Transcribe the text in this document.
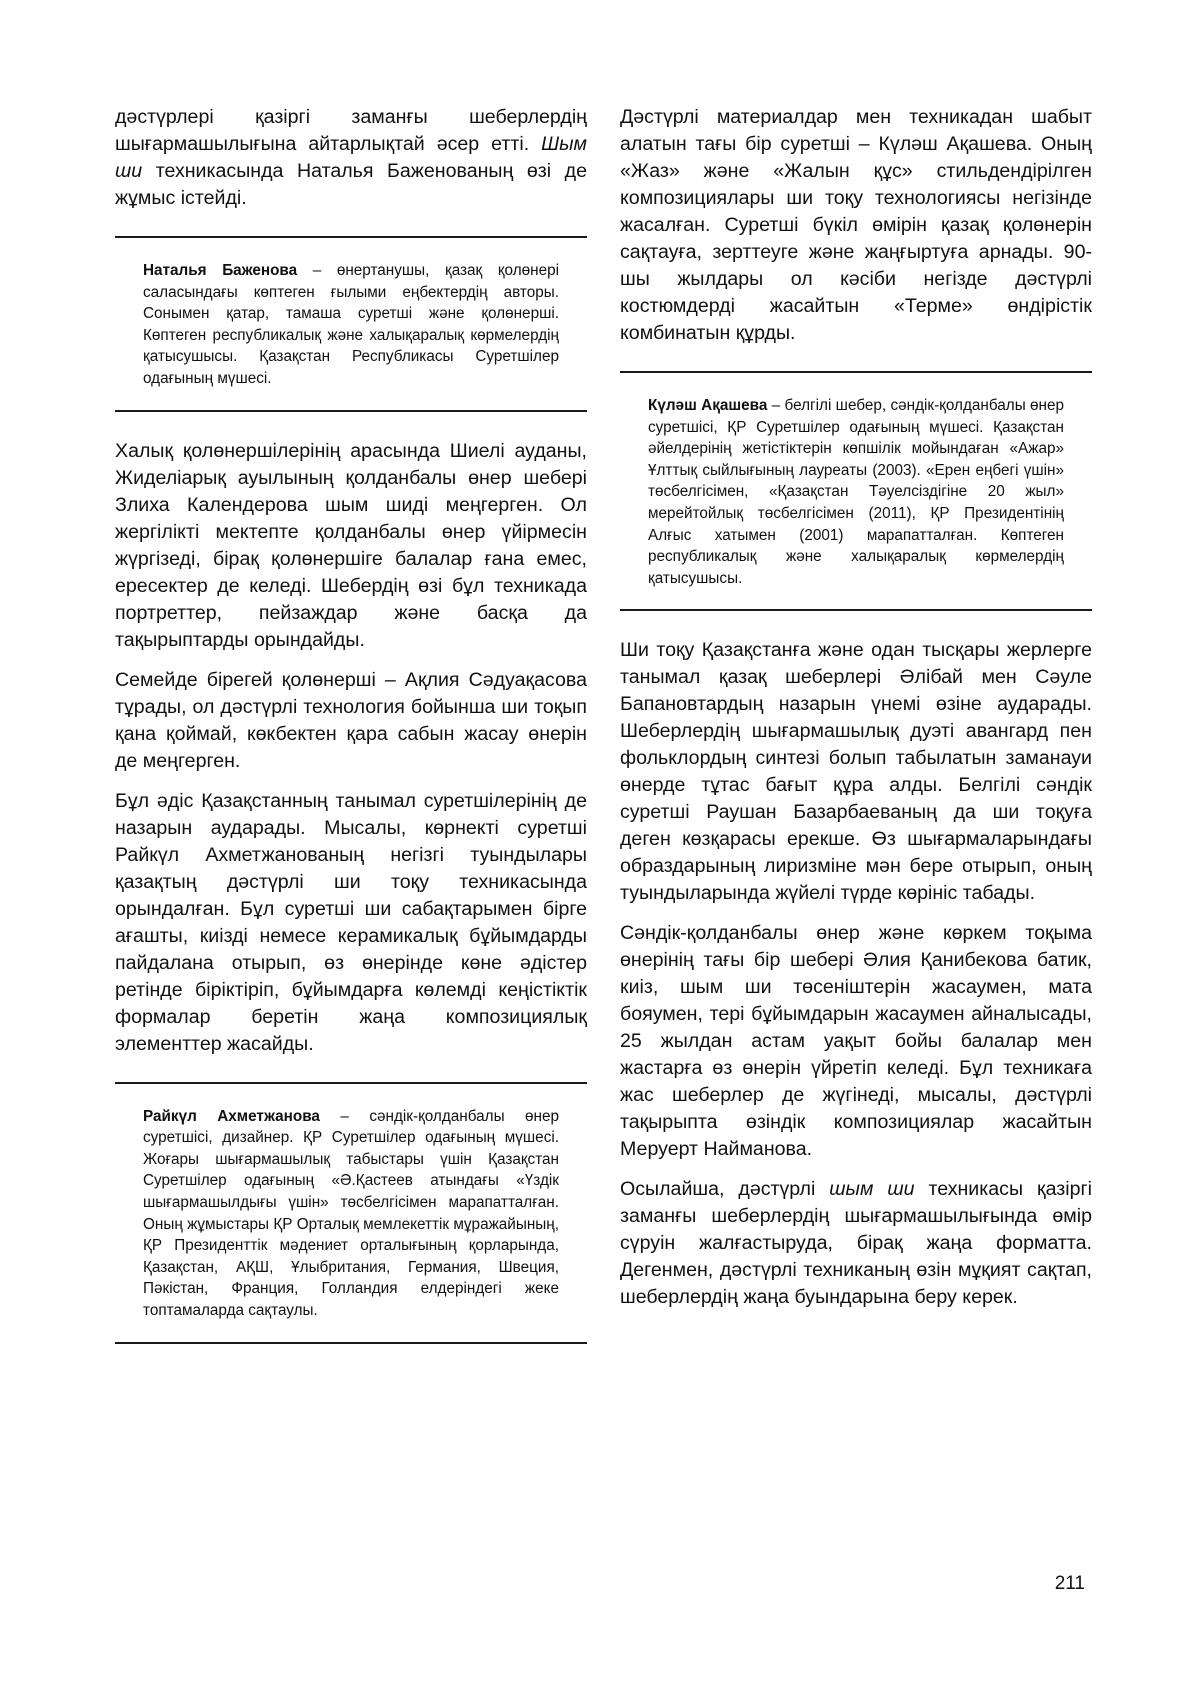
дәстүрлері қазіргі заманғы шеберлердің шығармашылығына айтарлықтай әсер етті. Шым ши техникасында Наталья Баженованың өзі де жұмыс істейді.

Наталья Баженова – өнертанушы, қазақ қолөнері саласындағы көптеген ғылыми еңбектердің авторы. Сонымен қатар, тамаша суретші және қолөнерші. Көптеген республикалық және халықаралық көрмелердің қатысушысы. Қазақстан Республикасы Суретшілер одағының мүшесі.

Халық қолөнершілерінің арасында Шиелі ауданы, Жиделіарық ауылының қолданбалы өнер шебері Злиха Календерова шым шиді меңгерген. Ол жергілікті мектепте қолданбалы өнер үйірмесін жүргізеді, бірақ қолөнершіге балалар ғана емес, ересектер де келеді. Шебердің өзі бұл техникада портреттер, пейзаждар және басқа да тақырыптарды орындайды.

Семейде бірегей қолөнерші – Ақлия Сәдуақасова тұрады, ол дәстүрлі технология бойынша ши тоқып қана қоймай, көкбектен қара сабын жасау өнерін де меңгерген.

Бұл әдіс Қазақстанның танымал суретшілерінің де назарын аударады. Мысалы, көрнекті суретші Райкүл Ахметжанованың негізгі туындылары қазақтың дәстүрлі ши тоқу техникасында орындалған. Бұл суретші ши сабақтарымен бірге ағашты, киізді немесе керамикалық бұйымдарды пайдалана отырып, өз өнерінде көне әдістер ретінде біріктіріп, бұйымдарға көлемді кеңістіктік формалар беретін жаңа композициялық элементтер жасайды.

Райкүл Ахметжанова – сәндік-қолданбалы өнер суретшісі, дизайнер. ҚР Суретшілер одағының мүшесі. Жоғары шығармашылық табыстары үшін Қазақстан Суретшілер одағының «Ә.Қастеев атындағы «Үздік шығармашылдығы үшін» төсбелгісімен марапатталған. Оның жұмыстары ҚР Орталық мемлекеттік мұражайының, ҚР Президенттік мәдениет орталығының қорларында, Қазақстан, АҚШ, Ұлыбритания, Германия, Швеция, Пәкістан, Франция, Голландия елдеріндегі жеке топтамаларда сақтаулы.

Дәстүрлі материалдар мен техникадан шабыт алатын тағы бір суретші – Күләш Ақашева. Оның «Жаз» және «Жалын құс» стильдендірілген композициялары ши тоқу технологиясы негізінде жасалған. Суретші бүкіл өмірін қазақ қолөнерін сақтауға, зерттеуге және жаңғыртуға арнады. 90-шы жылдары ол кәсіби негізде дәстүрлі костюмдерді жасайтын «Терме» өндірістік комбинатын құрды.

Күләш Ақашева – белгілі шебер, сәндік-қолданбалы өнер суретшісі, ҚР Суретшілер одағының мүшесі. Қазақстан әйелдерінің жетістіктерін көпшілік мойындаған «Ажар» Ұлттық сыйлығының лауреаты (2003). «Ерен еңбегі үшін» төсбелгісімен, «Қазақстан Тәуелсіздігіне 20 жыл» мерейтойлық төсбелгісімен (2011), ҚР Президентінің Алғыс хатымен (2001) марапатталған. Көптеген республикалық және халықаралық көрмелердің қатысушысы.

Ши тоқу Қазақстанға және одан тысқары жерлерге танымал қазақ шеберлері Әлібай мен Сәуле Бапановтардың назарын үнемі өзіне аударады. Шеберлердің шығармашылық дуэті авангард пен фольклордың синтезі болып табылатын заманауи өнерде тұтас бағыт құра алды. Белгілі сәндік суретші Раушан Базарбаеваның да ши тоқуға деген көзқарасы ерекше. Өз шығармаларындағы образдарының лиризміне мән бере отырып, оның туындыларында жүйелі түрде көрініс табады.

Сәндік-қолданбалы өнер және көркем тоқыма өнерінің тағы бір шебері Әлия Қанибекова батик, киіз, шым ши төсеніштерін жасаумен, мата бояумен, тері бұйымдарын жасаумен айналысады, 25 жылдан астам уақыт бойы балалар мен жастарға өз өнерін үйретіп келеді. Бұл техникаға жас шеберлер де жүгінеді, мысалы, дәстүрлі тақырыпта өзіндік композициялар жасайтын Меруерт Найманова.

Осылайша, дәстүрлі шым ши техникасы қазіргі заманғы шеберлердің шығармашылығында өмір сүруін жалғастыруда, бірақ жаңа форматта. Дегенмен, дәстүрлі техниканың өзін мұқият сақтап, шеберлердің жаңа буындарына беру керек.

211
